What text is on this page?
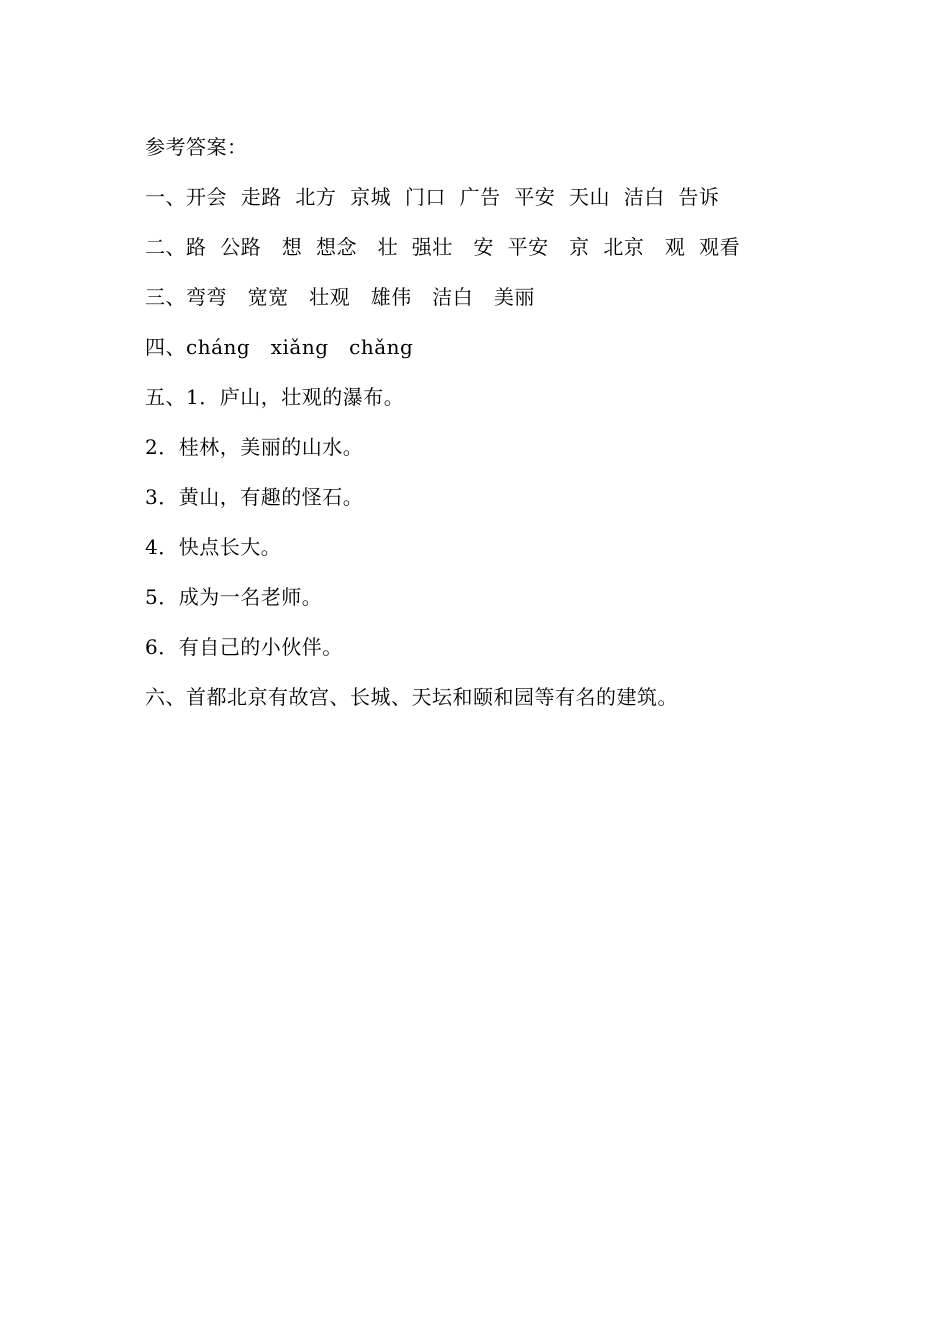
参考答案：
一、开会  走路  北方  京城  门口  广告  平安  天山  洁白  告诉
二、路  公路   想  想念   壮  强壮   安  平安   京  北京   观  观看
三、弯弯   宽宽   壮观   雄伟   洁白   美丽
四、cháng   xiǎng   chǎng
五、1．庐山，壮观的瀑布。
2．桂林，美丽的山水。
3．黄山，有趣的怪石。
4．快点长大。
5．成为一名老师。
6．有自己的小伙伴。
六、首都北京有故宫、长城、天坛和颐和园等有名的建筑。
